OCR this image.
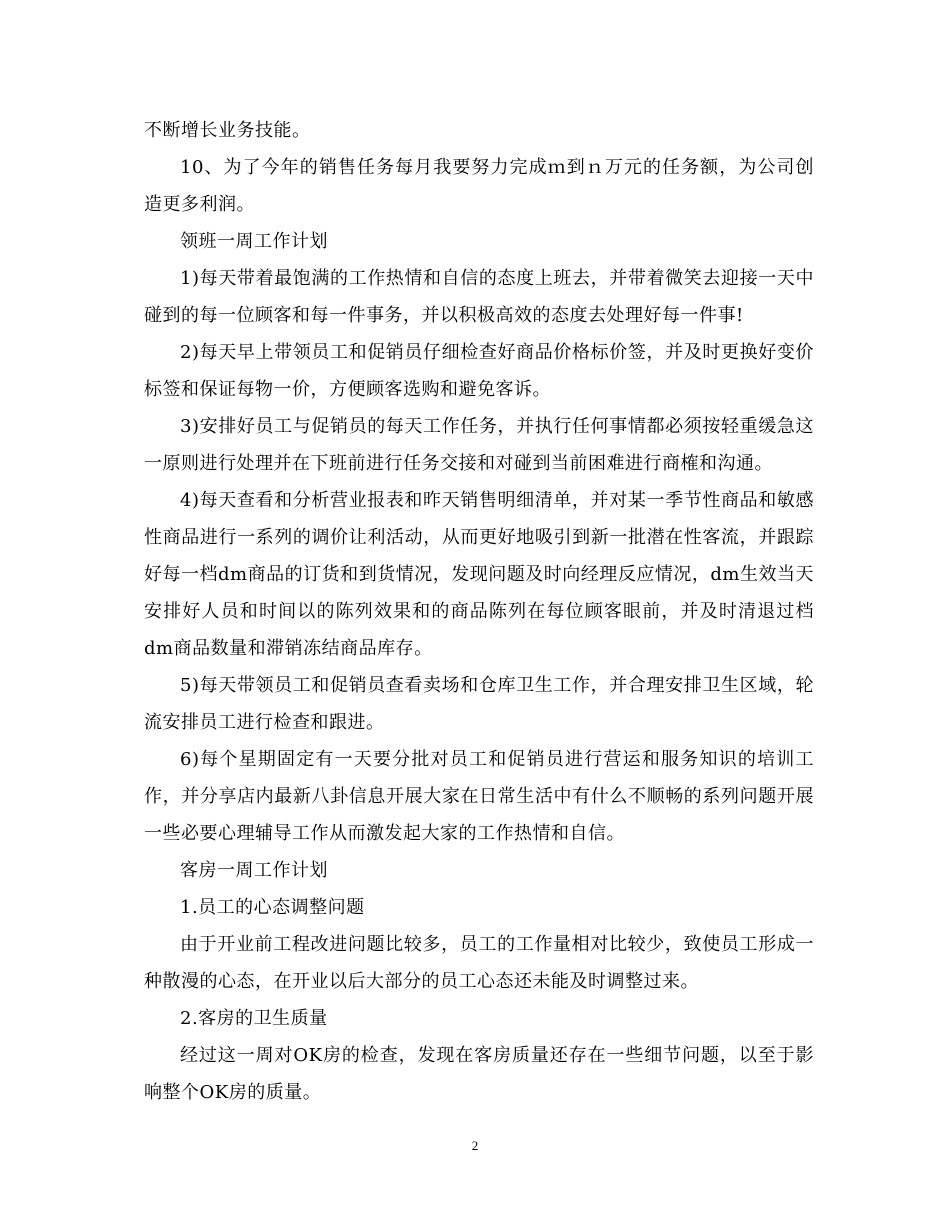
不断增长业务技能。

10、为了今年的销售任务每月我要努力完成ｍ到ｎ万元的任务额，为公司创造更多利润。

领班一周工作计划

1)每天带着最饱满的工作热情和自信的态度上班去，并带着微笑去迎接一天中碰到的每一位顾客和每一件事务，并以积极高效的态度去处理好每一件事!

2)每天早上带领员工和促销员仔细检查好商品价格标价签，并及时更换好变价标签和保证每物一价，方便顾客选购和避免客诉。

3)安排好员工与促销员的每天工作任务，并执行任何事情都必须按轻重缓急这一原则进行处理并在下班前进行任务交接和对碰到当前困难进行商榷和沟通。

4)每天查看和分析营业报表和昨天销售明细清单，并对某一季节性商品和敏感性商品进行一系列的调价让利活动，从而更好地吸引到新一批潜在性客流，并跟踪好每一档dm商品的订货和到货情况，发现问题及时向经理反应情况，dm生效当天安排好人员和时间以的陈列效果和的商品陈列在每位顾客眼前，并及时清退过档dm商品数量和滞销冻结商品库存。

5)每天带领员工和促销员查看卖场和仓库卫生工作，并合理安排卫生区域，轮流安排员工进行检查和跟进。

6)每个星期固定有一天要分批对员工和促销员进行营运和服务知识的培训工作，并分享店内最新八卦信息开展大家在日常生活中有什么不顺畅的系列问题开展一些必要心理辅导工作从而激发起大家的工作热情和自信。

客房一周工作计划

1.员工的心态调整问题

由于开业前工程改进问题比较多，员工的工作量相对比较少，致使员工形成一种散漫的心态，在开业以后大部分的员工心态还未能及时调整过来。

2.客房的卫生质量

经过这一周对OK房的检查，发现在客房质量还存在一些细节问题，以至于影响整个OK房的质量。

2
